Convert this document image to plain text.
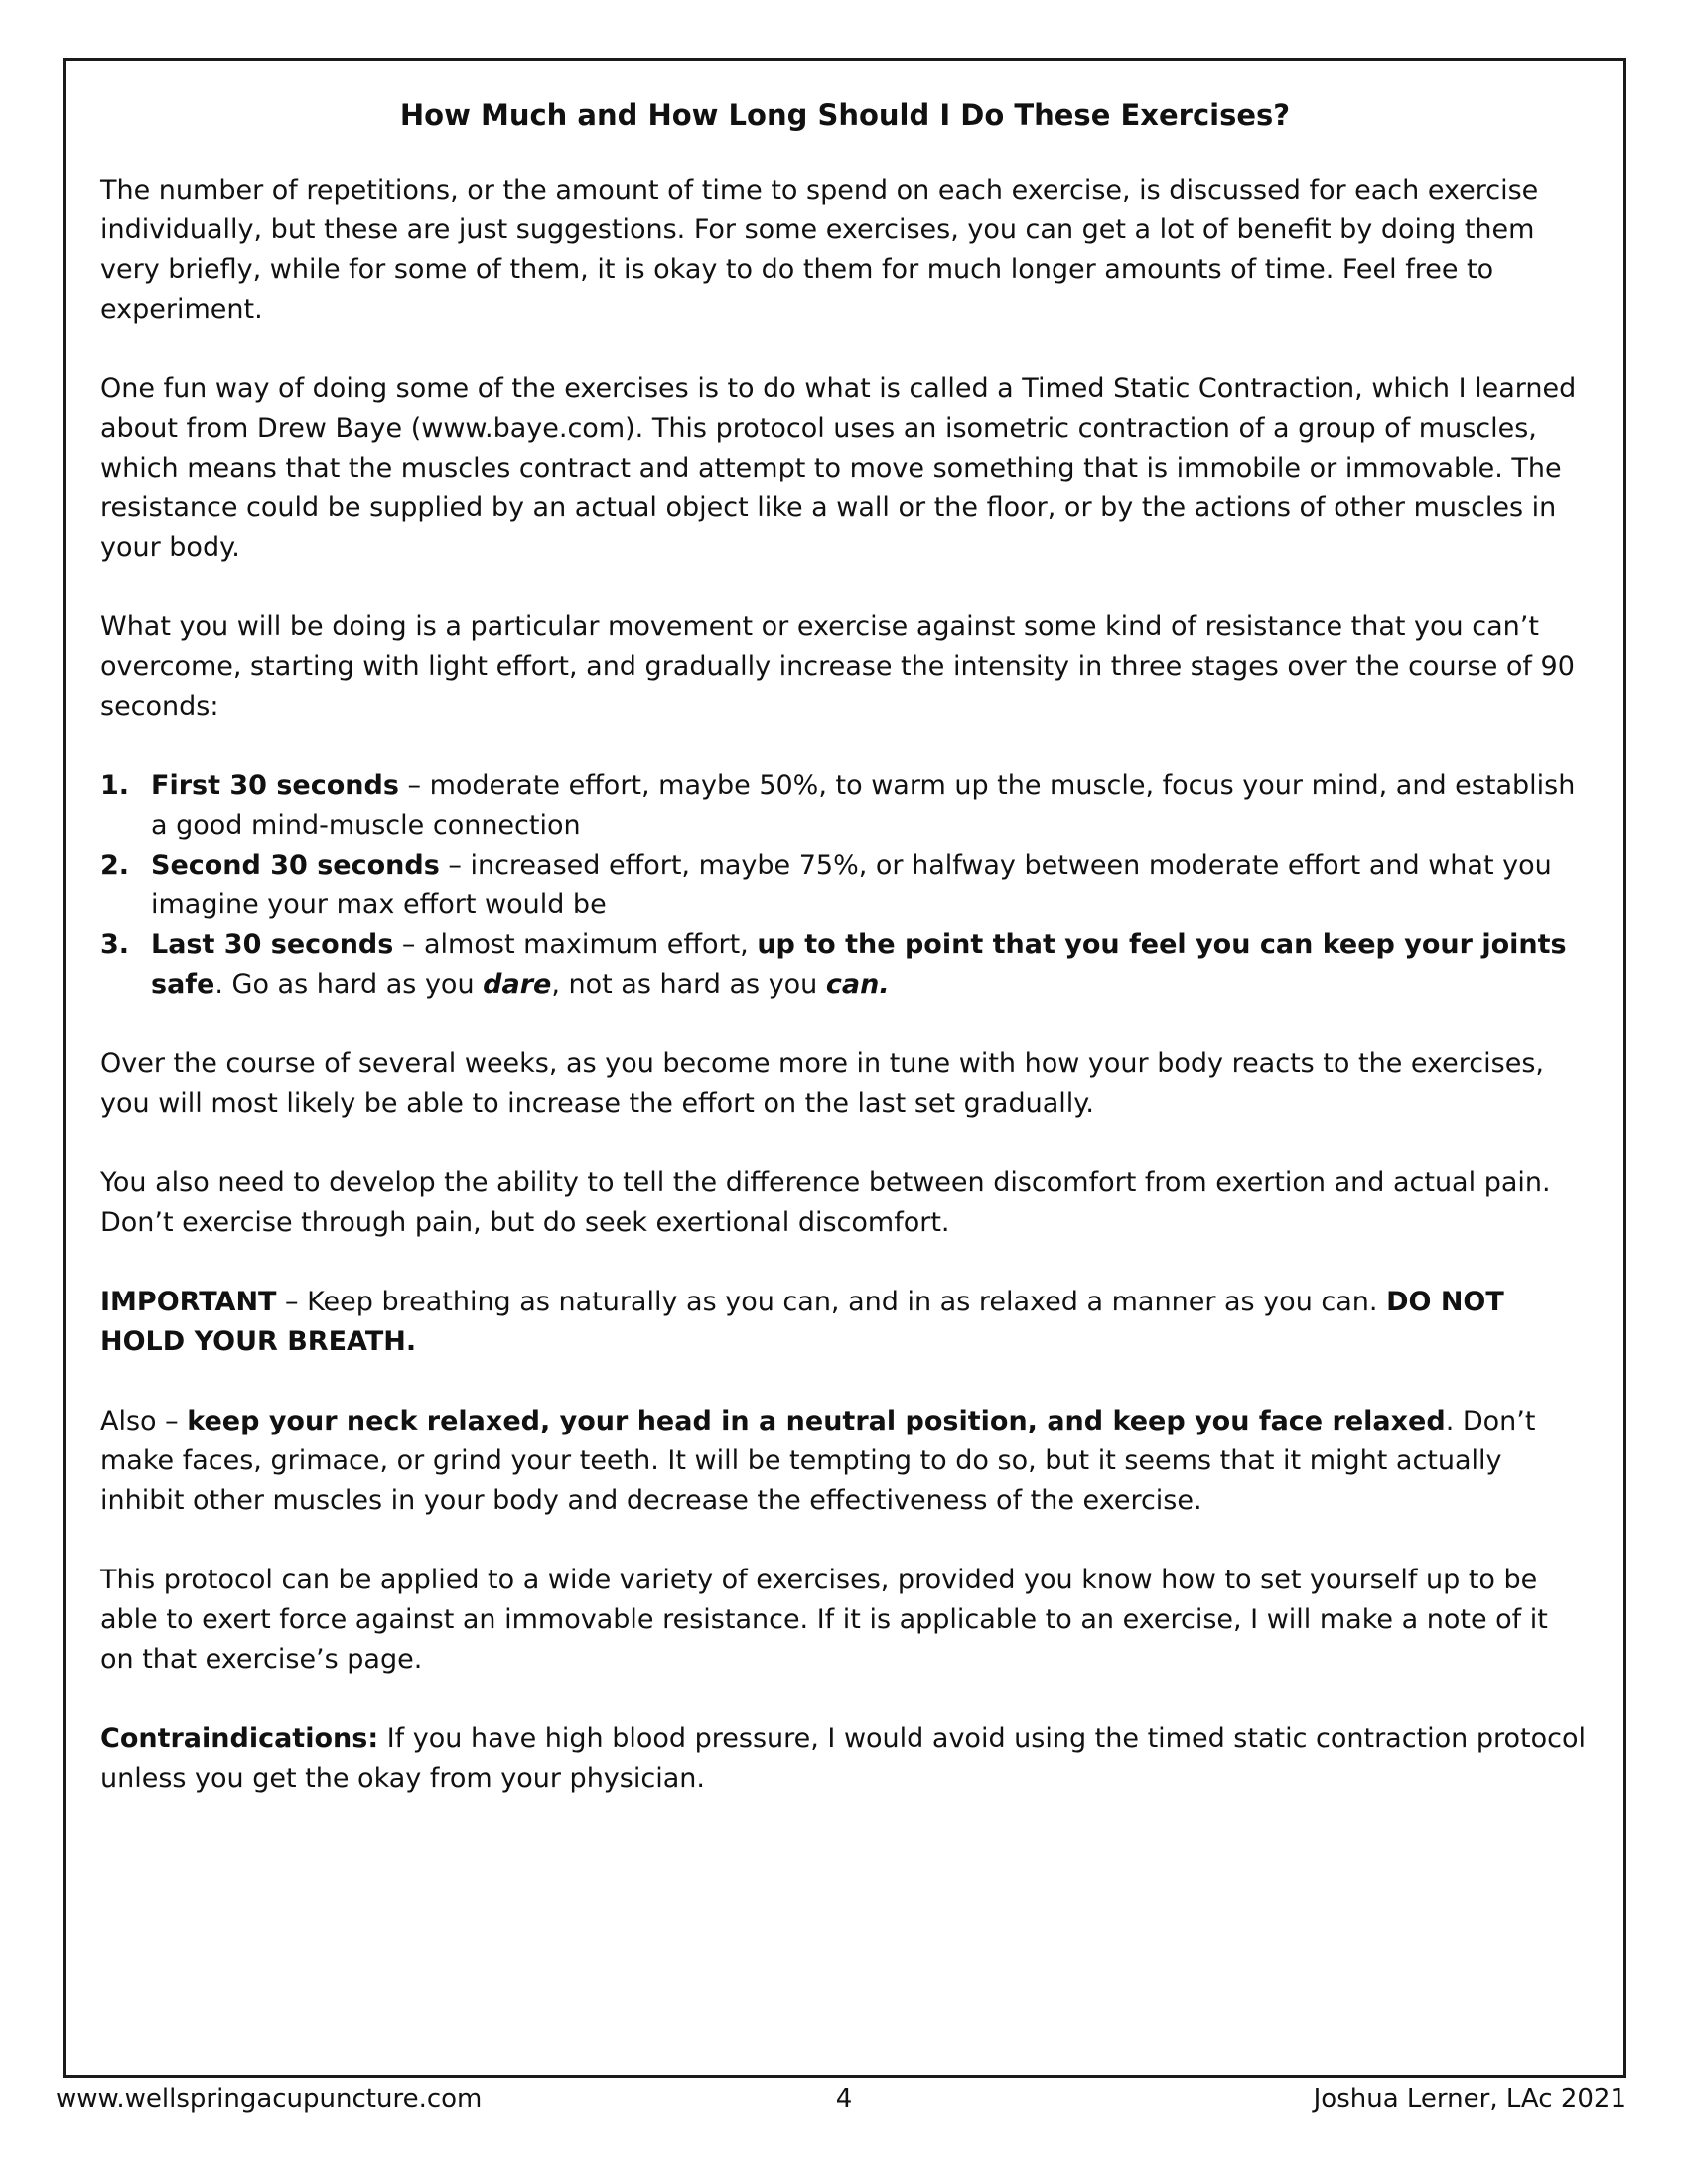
How Much and How Long Should I Do These Exercises?

The number of repetitions, or the amount of time to spend on each exercise, is discussed for each exercise individually, but these are just suggestions. For some exercises, you can get a lot of benefit by doing them very briefly, while for some of them, it is okay to do them for much longer amounts of time. Feel free to experiment.

One fun way of doing some of the exercises is to do what is called a Timed Static Contraction, which I learned about from Drew Baye (www.baye.com). This protocol uses an isometric contraction of a group of muscles, which means that the muscles contract and attempt to move something that is immobile or immovable. The resistance could be supplied by an actual object like a wall or the floor, or by the actions of other muscles in your body.

What you will be doing is a particular movement or exercise against some kind of resistance that you can’t overcome, starting with light effort, and gradually increase the intensity in three stages over the course of 90 seconds:

1. First 30 seconds – moderate effort, maybe 50%, to warm up the muscle, focus your mind, and establish a good mind-muscle connection
2. Second 30 seconds – increased effort, maybe 75%, or halfway between moderate effort and what you imagine your max effort would be
3. Last 30 seconds – almost maximum effort, up to the point that you feel you can keep your joints safe. Go as hard as you dare, not as hard as you can.

Over the course of several weeks, as you become more in tune with how your body reacts to the exercises, you will most likely be able to increase the effort on the last set gradually.

You also need to develop the ability to tell the difference between discomfort from exertion and actual pain. Don’t exercise through pain, but do seek exertional discomfort.

IMPORTANT – Keep breathing as naturally as you can, and in as relaxed a manner as you can. DO NOT HOLD YOUR BREATH.

Also – keep your neck relaxed, your head in a neutral position, and keep you face relaxed. Don’t make faces, grimace, or grind your teeth. It will be tempting to do so, but it seems that it might actually inhibit other muscles in your body and decrease the effectiveness of the exercise.

This protocol can be applied to a wide variety of exercises, provided you know how to set yourself up to be able to exert force against an immovable resistance. If it is applicable to an exercise, I will make a note of it on that exercise’s page.

Contraindications: If you have high blood pressure, I would avoid using the timed static contraction protocol unless you get the okay from your physician.

www.wellspringacupuncture.com	4	Joshua Lerner, LAc 2021
